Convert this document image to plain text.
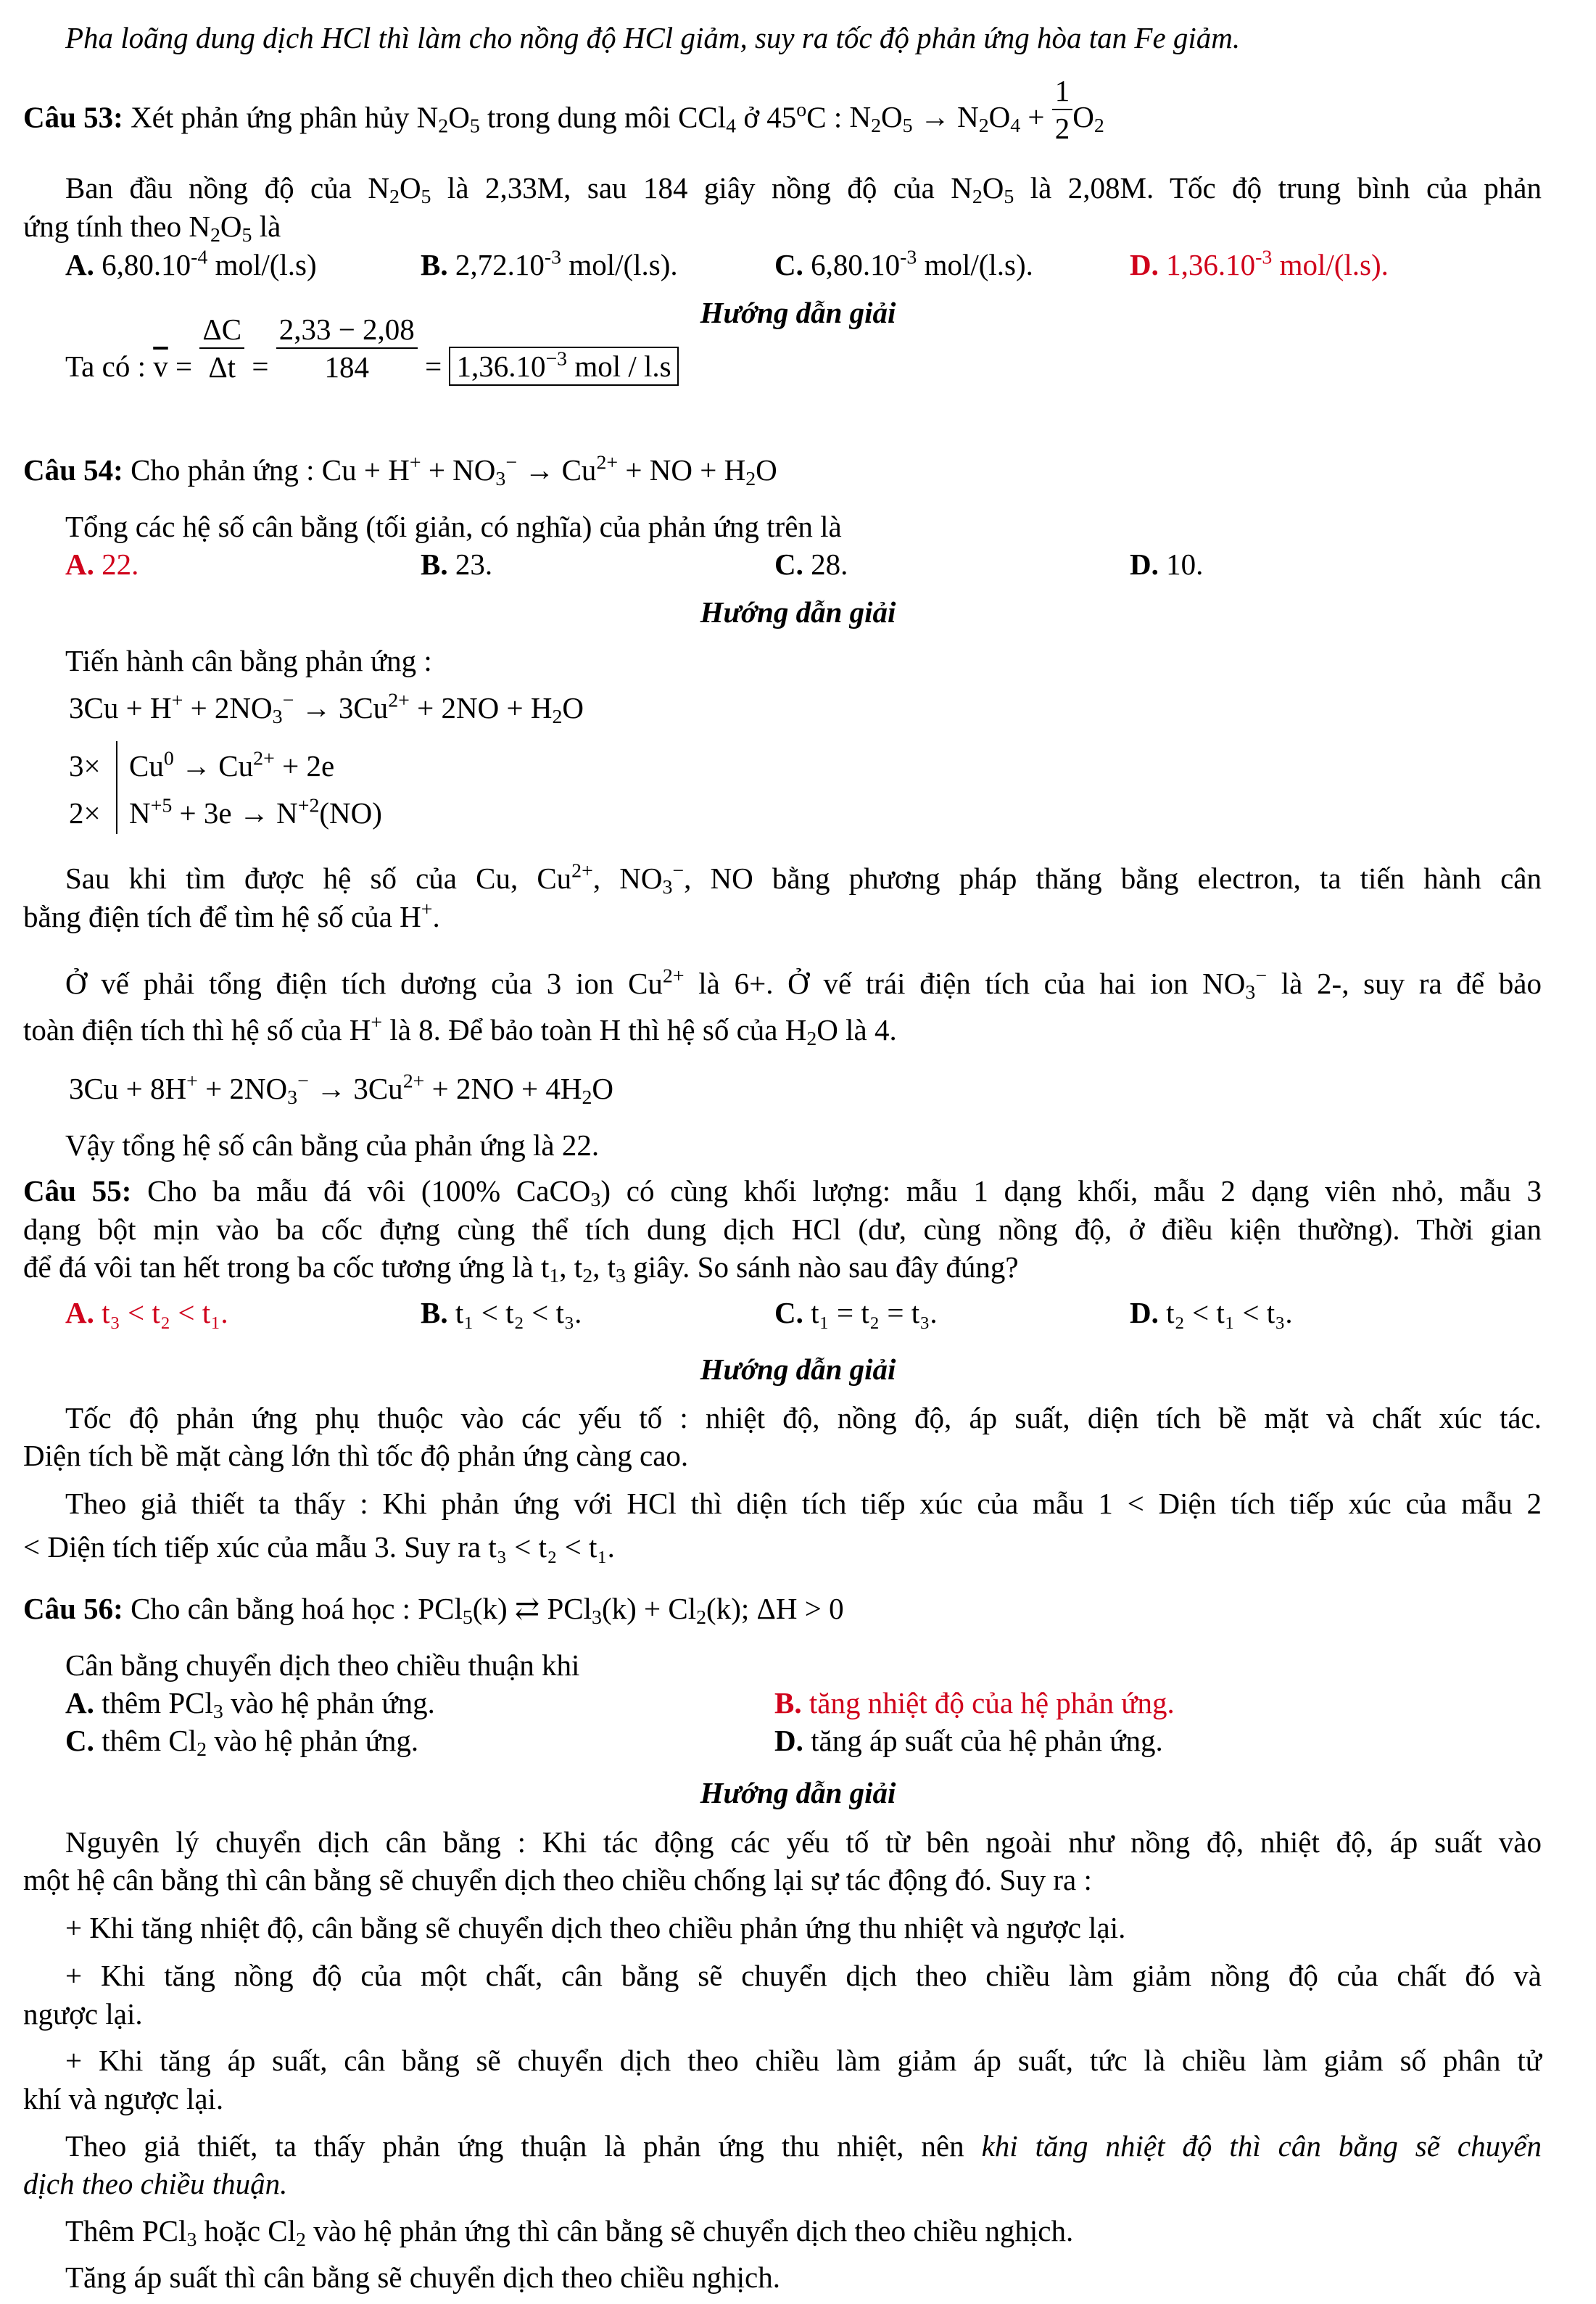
Pha loãng dung dịch HCl thì làm cho nồng độ HCl giảm, suy ra tốc độ phản ứng hòa tan Fe giảm.
Câu 53: Xét phản ứng phân hủy $N_2O_5$ trong dung môi CCl$_4$ ở 45$^o$C : $N_2O_5 \to N_2O_4 + \frac{1}{2} O_2$
Ban đầu nồng độ của $N_2O_5$ là 2,33M, sau 184 giây nồng độ của $N_2O_5$ là 2,08M. Tốc độ trung bình của phản
ứng tính theo $N_2O_5$ là
A. $6,80.10^{-4}$ mol/(l.s)	B. $2,72.10^{-3}$ mol/(l.s).	C. $6,80.10^{-3}$ mol/(l.s).	D. $1,36.10^{-3}$ mol/(l.s).
Hướng dẫn giải
Ta có : $\overline{v} = \frac{\Delta C}{\Delta t} = \frac{2,33 - 2,08}{184} = 1,36.10^{-3}$ mol / l.s
Câu 54: Cho phản ứng : $Cu + H^+ + NO_3^- \to Cu^{2+}$ + NO + $H_2O$
Tổng các hệ số cân bằng (tối giản, có nghĩa) của phản ứng trên là
A. 22.	B. 23.	C. 28.	D. 10.
Hướng dẫn giải
Tiến hành cân bằng phản ứng :
$3Cu + H^+ + 2NO_3^- \to 3Cu^{2+} + 2NO + H_2O$
3×
2×
$Cu^0 \to Cu^{2+} + 2e$
$N^{+5} + 3e \to N^{+2}(NO)$
Sau khi tìm được hệ số của Cu, $Cu^{2+}$, $NO_3^-$, NO bằng phương pháp thăng bằng electron, ta tiến hành cân
bằng điện tích để tìm hệ số của H+.
Ở vế phải tổng điện tích dương của 3 ion $Cu^{2+}$ là 6+. Ở vế trái điện tích của hai ion $NO_3^-$ là 2-, suy ra để bảo
toàn điện tích thì hệ số của H+ là 8. Để bảo toàn H thì hệ số của $H_2O$ là 4.
$3Cu + 8H^+ + 2NO_3^- \to 3Cu^{2+} + 2NO + 4H_2O$
Vậy tổng hệ số cân bằng của phản ứng là 22.
Câu 55: Cho ba mẫu đá vôi (100% CaCO$_3$) có cùng khối lượng: mẫu 1 dạng khối, mẫu 2 dạng viên nhỏ, mẫu 3
dạng bột mịn vào ba cốc đựng cùng thể tích dung dịch HCl (dư, cùng nồng độ, ở điều kiện thường). Thời gian
để đá vôi tan hết trong ba cốc tương ứng là $t_1$, $t_2$, $t_3$ giây. So sánh nào sau đây đúng?
A. t₃ < t₂ < t₁.	B. t₁ < t₂ < t₃.	C. t₁ = t₂ = t₃.	D. t₂ < t₁ < t₃.
Hướng dẫn giải
Tốc độ phản ứng phụ thuộc vào các yếu tố : nhiệt độ, nồng độ, áp suất, diện tích bề mặt và chất xúc tác.
Diện tích bề mặt càng lớn thì tốc độ phản ứng càng cao.
Theo giả thiết ta thấy : Khi phản ứng với HCl thì diện tích tiếp xúc của mẫu 1 < Diện tích tiếp xúc của mẫu 2
< Diện tích tiếp xúc của mẫu 3. Suy ra t₃ < t₂ < t₁.
Câu 56: Cho cân bằng hoá học : PCl$_5$(k) ⇄ $PCl_3(k) + Cl_2(k)$; ΔH > 0
Cân bằng chuyển dịch theo chiều thuận khi
A. thêm PCl$_3$ vào hệ phản ứng.	B. tăng nhiệt độ của hệ phản ứng.
C. thêm $Cl_2$ vào hệ phản ứng.	D. tăng áp suất của hệ phản ứng.
Hướng dẫn giải
Nguyên lý chuyển dịch cân bằng : Khi tác động các yếu tố từ bên ngoài như nồng độ, nhiệt độ, áp suất vào
một hệ cân bằng thì cân bằng sẽ chuyển dịch theo chiều chống lại sự tác động đó. Suy ra :
+ Khi tăng nhiệt độ, cân bằng sẽ chuyển dịch theo chiều phản ứng thu nhiệt và ngược lại.
+ Khi tăng nồng độ của một chất, cân bằng sẽ chuyển dịch theo chiều làm giảm nồng độ của chất đó và
ngược lại.
+ Khi tăng áp suất, cân bằng sẽ chuyển dịch theo chiều làm giảm áp suất, tức là chiều làm giảm số phân tử
khí và ngược lại.
Theo giả thiết, ta thấy phản ứng thuận là phản ứng thu nhiệt, nên khi tăng nhiệt độ thì cân bằng sẽ chuyển
dịch theo chiều thuận.
Thêm PCl$_3$ hoặc $Cl_2$ vào hệ phản ứng thì cân bằng sẽ chuyển dịch theo chiều nghịch.
Tăng áp suất thì cân bằng sẽ chuyển dịch theo chiều nghịch.
